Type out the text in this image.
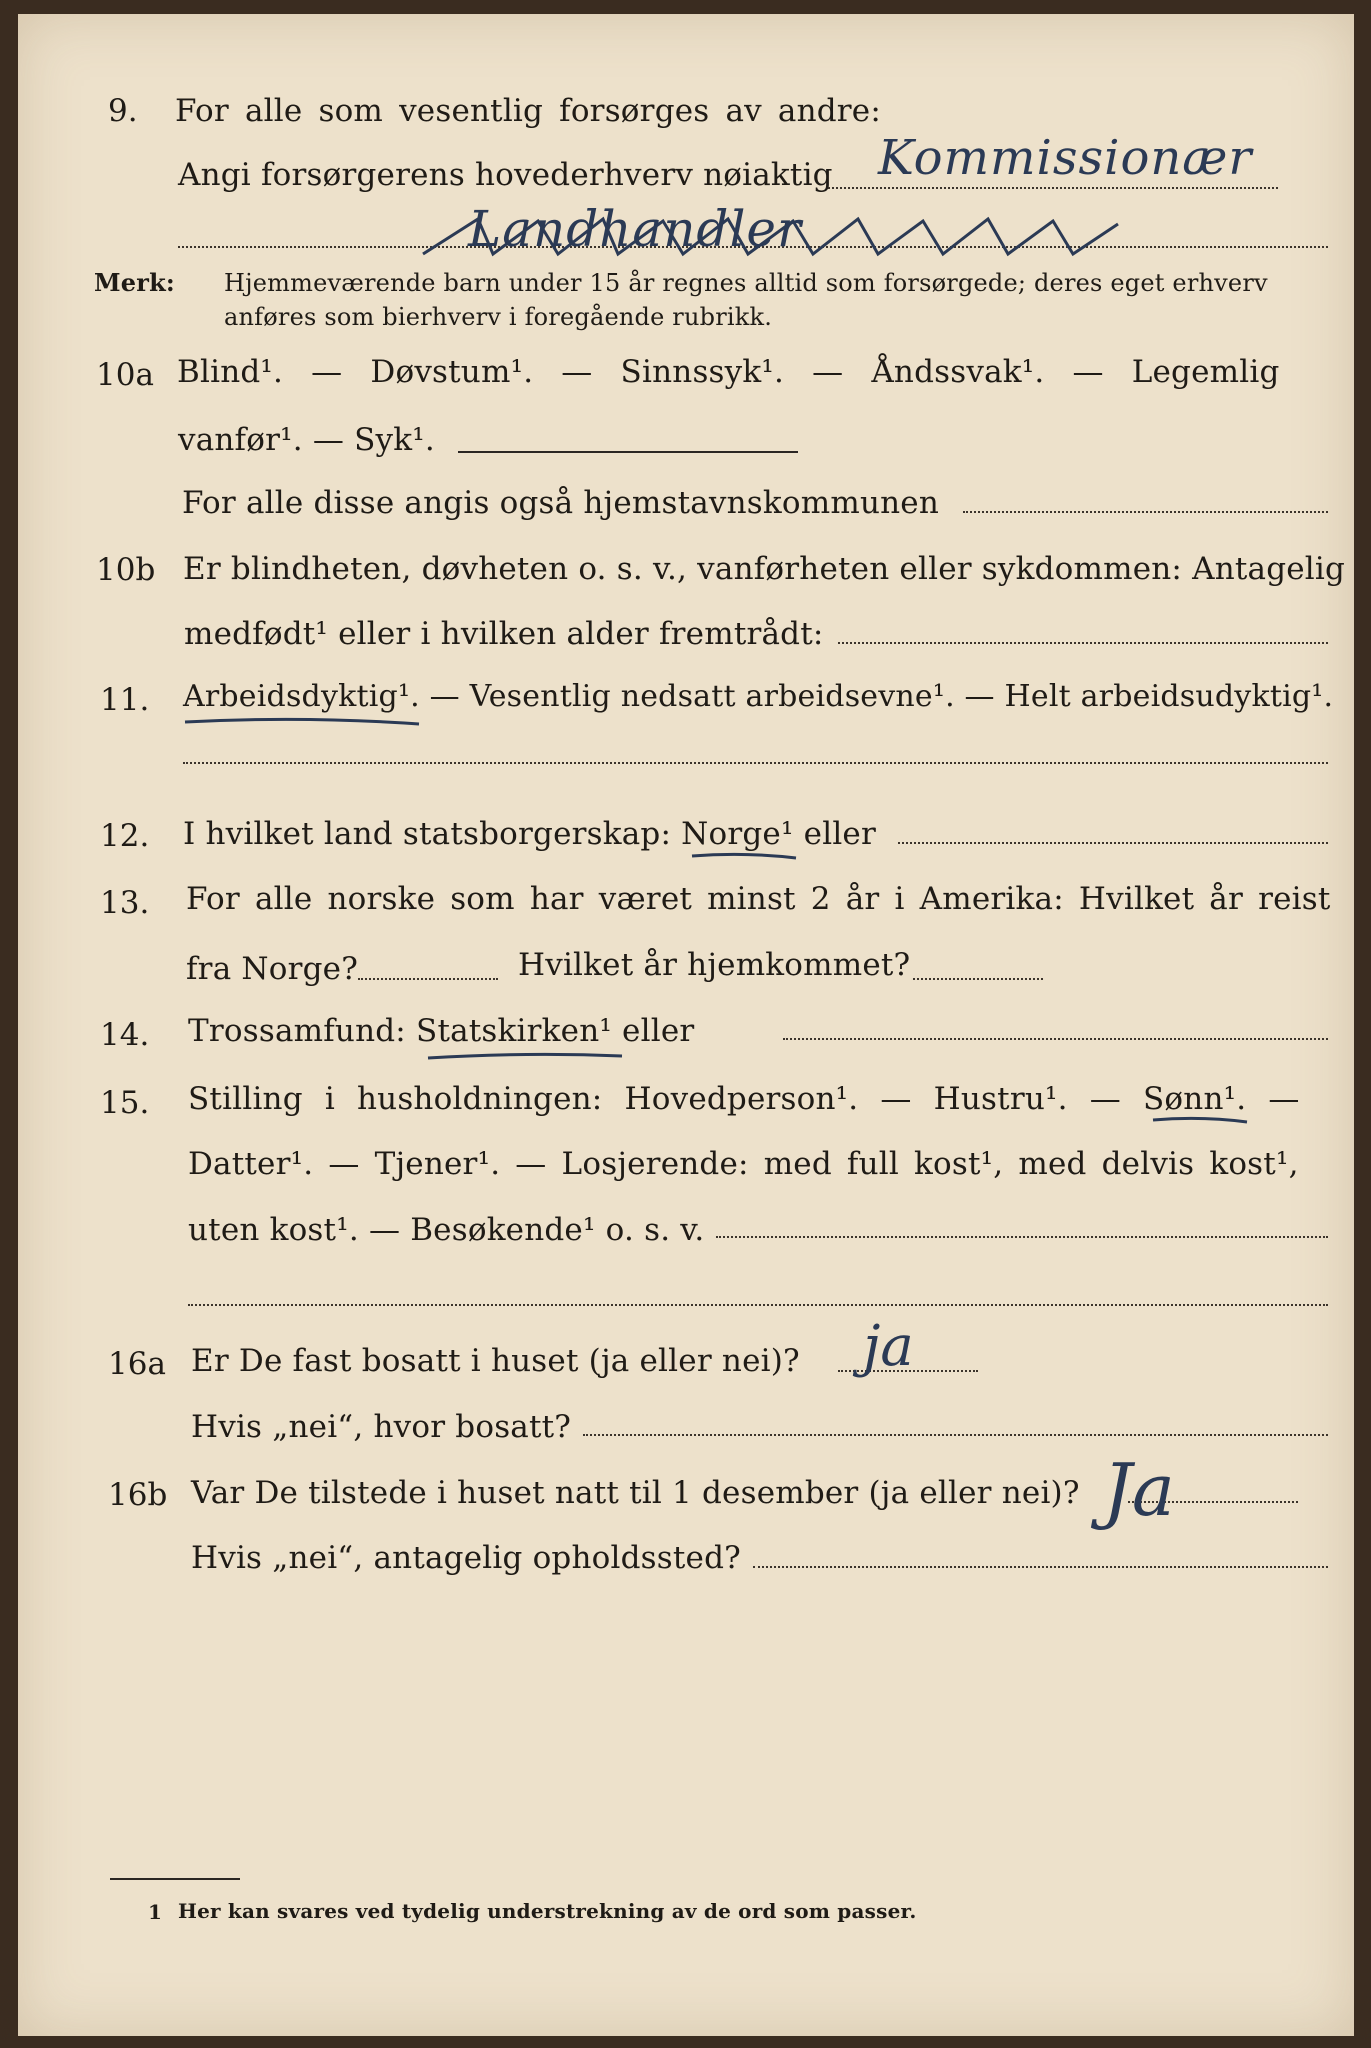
9. For alle som vesentlig forsørges av andre:
Angi forsørgerens hovederhverv nøiaktig Kommissionær
Landhandler
Merk: Hjemmeværende barn under 15 år regnes alltid som forsørgede; deres eget erhverv
anføres som bierhverv i foregående rubrikk.
10a Blind¹. — Døvstum¹. — Sinnssyk¹. — Åndssvak¹. — Legemlig
vanfør¹. — Syk¹.
For alle disse angis også hjemstavnskommunen
10b Er blindheten, døvheten o. s. v., vanførheten eller sykdommen: Antagelig
medfødt¹ eller i hvilken alder fremtrådt:
11. Arbeidsdyktig¹. — Vesentlig nedsatt arbeidsevne¹. — Helt arbeidsudyktig¹.
12. I hvilket land statsborgerskap: Norge¹ eller
13. For alle norske som har været minst 2 år i Amerika: Hvilket år reist
fra Norge?	Hvilket år hjemkommet?
14. Trossamfund: Statskirken¹ eller
15. Stilling i husholdningen: Hovedperson¹. — Hustru¹. — Sønn¹. —
Datter¹. — Tjener¹. — Losjerende: med full kost¹, med delvis kost¹,
uten kost¹. — Besøkende¹ o. s. v.
16a Er De fast bosatt i huset (ja eller nei)? ja
Hvis „nei“, hvor bosatt?
16b Var De tilstede i huset natt til 1 desember (ja eller nei)? Ja
Hvis „nei“, antagelig opholdssted?
1 Her kan svares ved tydelig understrekning av de ord som passer.
